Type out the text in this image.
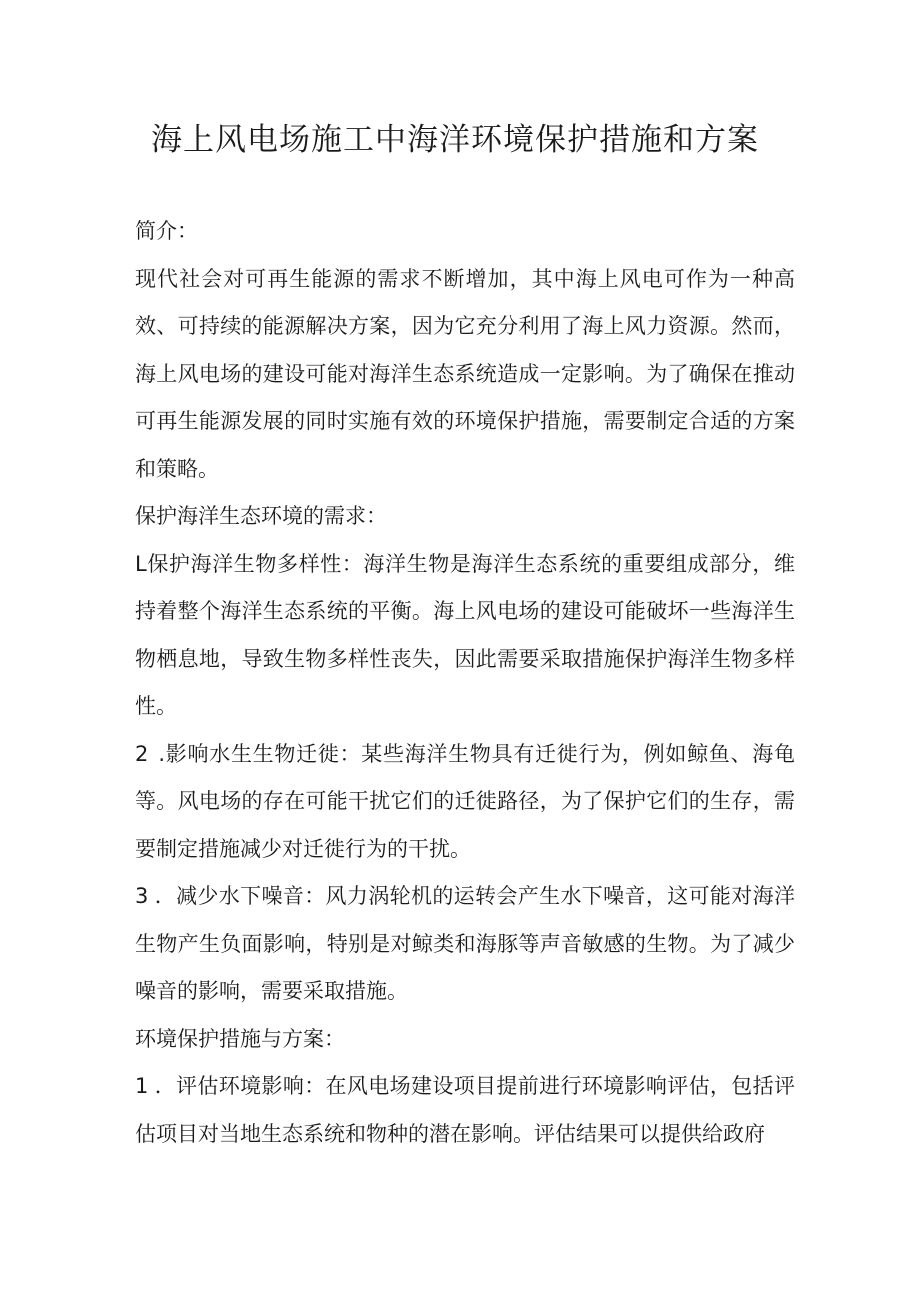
海上风电场施工中海洋环境保护措施和方案

简介：

现代社会对可再生能源的需求不断增加，其中海上风电可作为一种高效、可持续的能源解决方案，因为它充分利用了海上风力资源。然而，海上风电场的建设可能对海洋生态系统造成一定影响。为了确保在推动可再生能源发展的同时实施有效的环境保护措施，需要制定合适的方案和策略。

保护海洋生态环境的需求：

L保护海洋生物多样性：海洋生物是海洋生态系统的重要组成部分，维持着整个海洋生态系统的平衡。海上风电场的建设可能破坏一些海洋生物栖息地，导致生物多样性丧失，因此需要采取措施保护海洋生物多样性。

2 .影响水生生物迁徙：某些海洋生物具有迁徙行为，例如鲸鱼、海龟等。风电场的存在可能干扰它们的迁徙路径，为了保护它们的生存，需要制定措施减少对迁徙行为的干扰。

3 ．减少水下噪音：风力涡轮机的运转会产生水下噪音，这可能对海洋生物产生负面影响，特别是对鲸类和海豚等声音敏感的生物。为了减少噪音的影响，需要采取措施。

环境保护措施与方案：

1 ．评估环境影响：在风电场建设项目提前进行环境影响评估，包括评估项目对当地生态系统和物种的潜在影响。评估结果可以提供给政府
